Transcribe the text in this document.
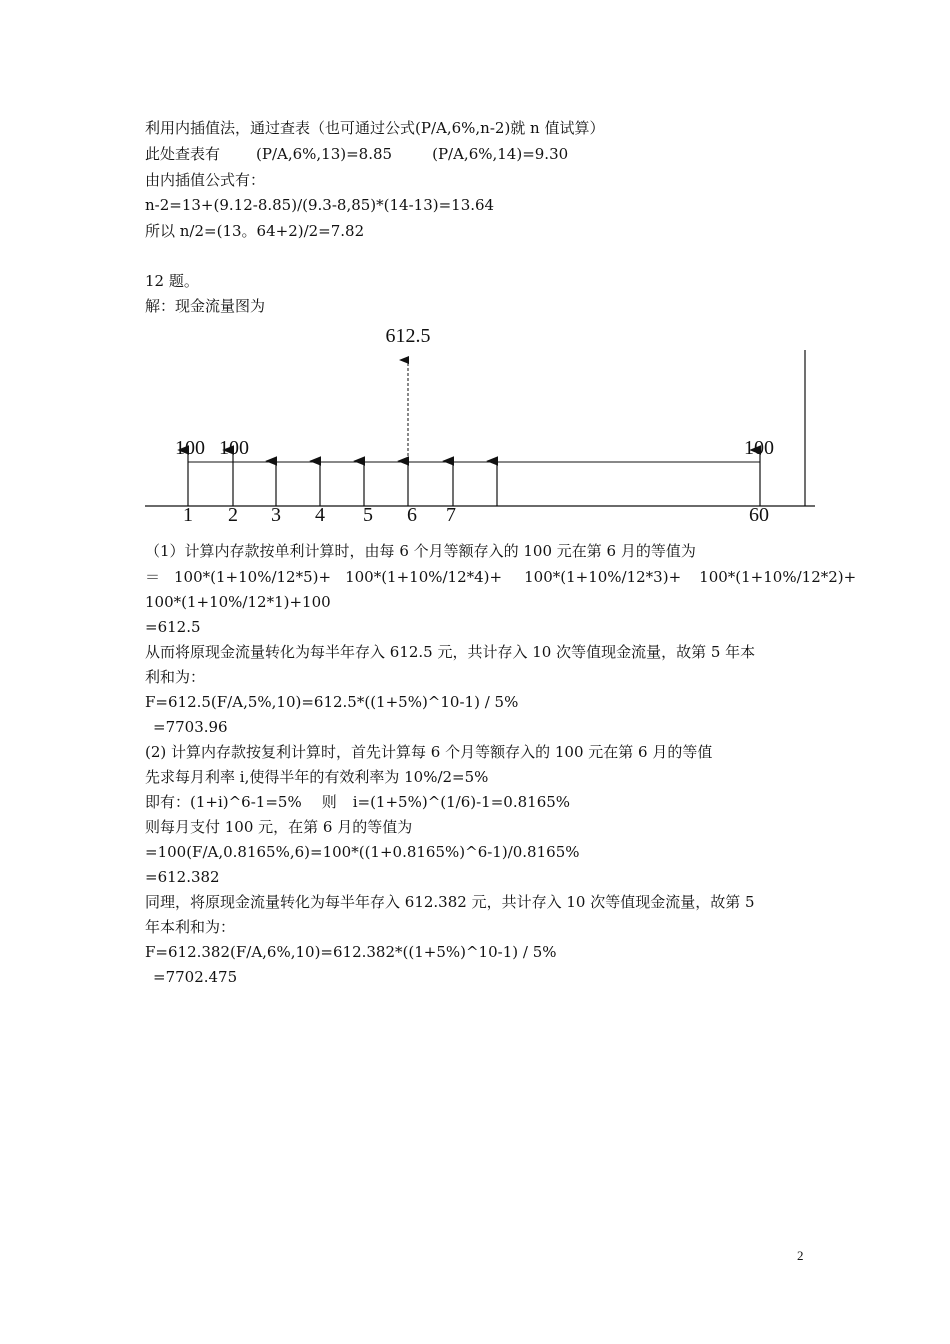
利用内插值法，通过查表（也可通过公式(P/A,6%,n-2)就 n 值试算）
此处查表有 (P/A,6%,13)=8.85	(P/A,6%,14)=9.30
由内插值公式有：
n-2=13+(9.12-8.85)/(9.3-8,85)*(14-13)=13.64
所以 n/2=(13。64+2)/2=7.82
12 题。
解：现金流量图为
612.5
100 100	100
1 2 3 4 5 6 7	60
（1）计算内存款按单利计算时，由每 6 个月等额存入的 100 元在第 6 月的等值为
＝ 100*(1+10%/12*5)+ 100*(1+10%/12*4)+ 100*(1+10%/12*3)+ 100*(1+10%/12*2)+
100*(1+10%/12*1)+100
=612.5
从而将原现金流量转化为每半年存入 612.5 元，共计存入 10 次等值现金流量，故第 5 年本
利和为：
F=612.5(F/A,5%,10)=612.5*((1+5%)^10-1) / 5%
=7703.96
(2) 计算内存款按复利计算时，首先计算每 6 个月等额存入的 100 元在第 6 月的等值
先求每月利率 i,使得半年的有效利率为 10%/2=5%
即有：(1+i)^6-1=5% 则 i=(1+5%)^(1/6)-1=0.8165%
则每月支付 100 元，在第 6 月的等值为
=100(F/A,0.8165%,6)=100*((1+0.8165%)^6-1)/0.8165%
=612.382
同理，将原现金流量转化为每半年存入 612.382 元，共计存入 10 次等值现金流量，故第 5
年本利和为：
F=612.382(F/A,6%,10)=612.382*((1+5%)^10-1) / 5%
=7702.475
2
